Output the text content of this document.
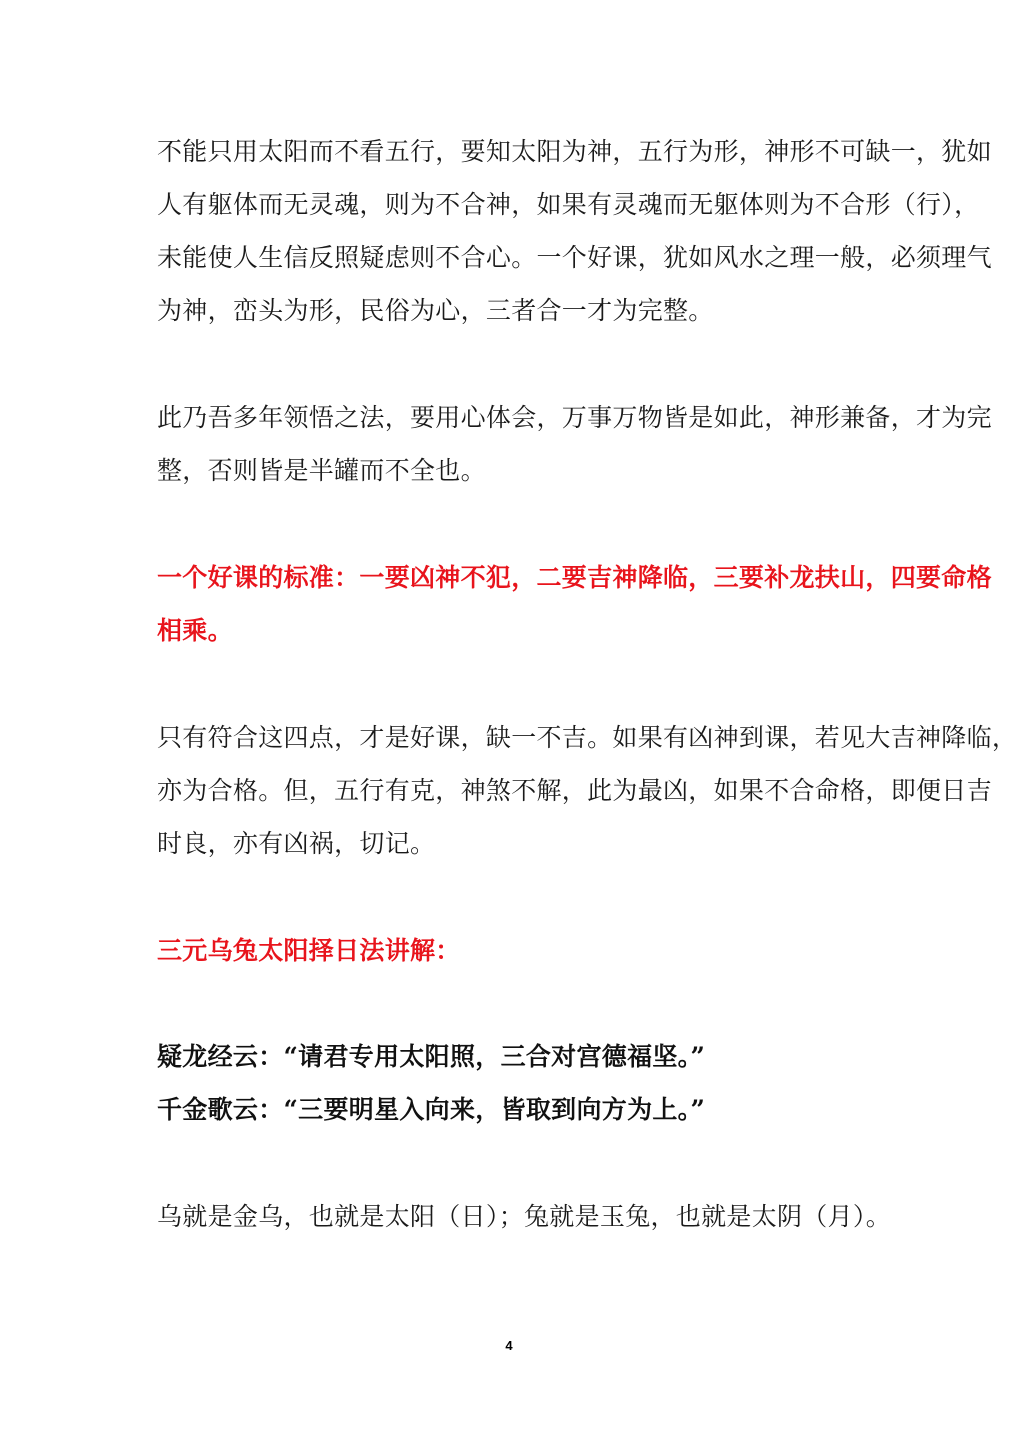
不能只用太阳而不看五行，要知太阳为神，五行为形，神形不可缺一，犹如
人有躯体而无灵魂，则为不合神，如果有灵魂而无躯体则为不合形（行），
未能使人生信反照疑虑则不合心。一个好课，犹如风水之理一般，必须理气
为神，峦头为形，民俗为心，三者合一才为完整。
此乃吾多年领悟之法，要用心体会，万事万物皆是如此，神形兼备，才为完
整，否则皆是半罐而不全也。
一个好课的标准：一要凶神不犯，二要吉神降临，三要补龙扶山，四要命格
相乘。
只有符合这四点，才是好课，缺一不吉。如果有凶神到课，若见大吉神降临，
亦为合格。但，五行有克，神煞不解，此为最凶，如果不合命格，即便日吉
时良，亦有凶祸，切记。
三元乌兔太阳择日法讲解：
疑龙经云：“请君专用太阳照，三合对宫德福坚。”
千金歌云：“三要明星入向来，皆取到向方为上。”
乌就是金乌，也就是太阳（日）；兔就是玉兔，也就是太阴（月）。
4
